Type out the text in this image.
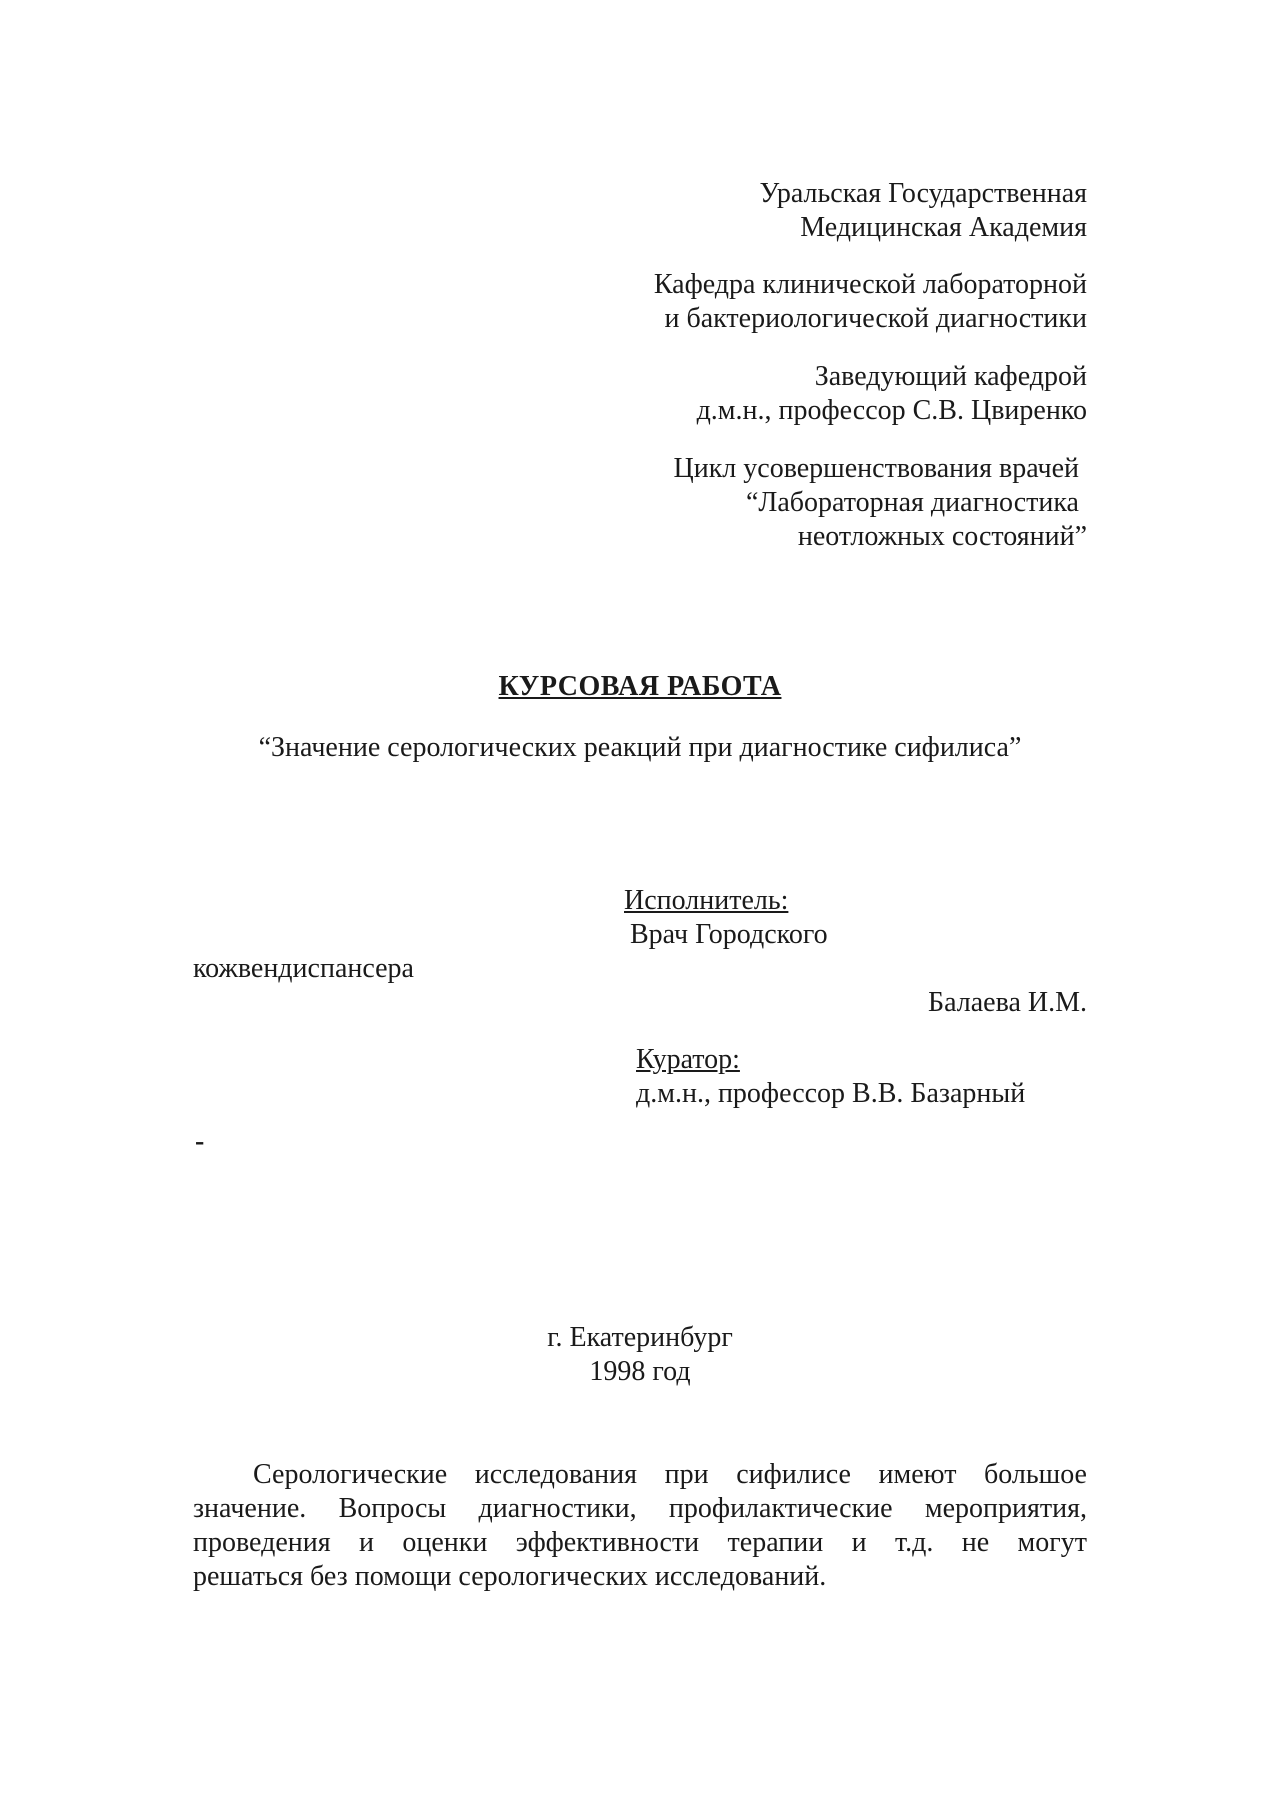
Уральская Государственная
Медицинская Академия
Кафедра клинической лабораторной
и бактериологической диагностики
Заведующий кафедрой
д.м.н., профессор С.В. Цвиренко
Цикл усовершенствования врачей
“Лабораторная диагностика
неотложных состояний”
КУРСОВАЯ РАБОТА
“Значение серологических реакций при диагностике сифилиса”
Исполнитель:
Врач Городского
кожвендиспансера
Балаева И.М.
Куратор:
д.м.н., профессор В.В. Базарный
-
г. Екатеринбург
1998 год
Серологические исследования при сифилисе имеют большое
значение. Вопросы диагностики, профилактические мероприятия,
проведения и оценки эффективности терапии и т.д. не могут
решаться без помощи серологических исследований.
